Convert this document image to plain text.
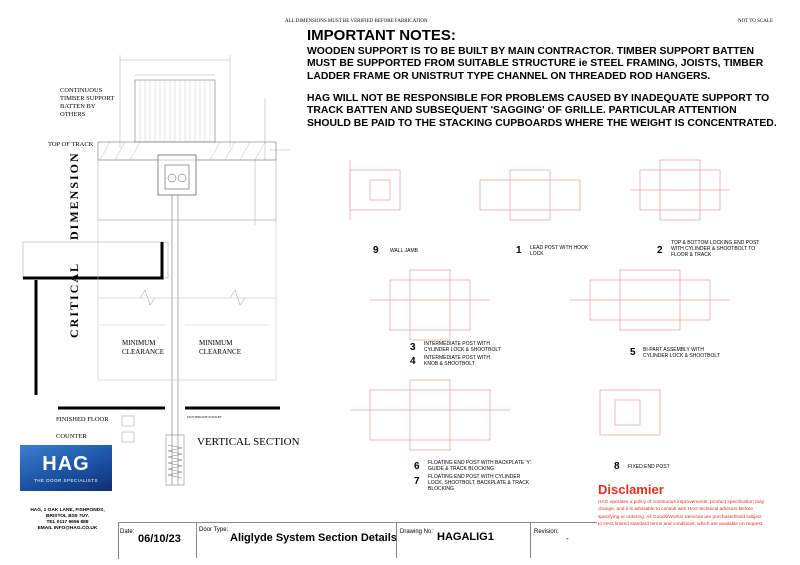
ALL DIMENSIONS MUST BE VERIFIED BEFORE FABRICATION	NOT TO SCALE
IMPORTANT NOTES:
WOODEN SUPPORT IS TO BE BUILT BY MAIN CONTRACTOR. TIMBER SUPPORT BATTEN MUST BE SUPPORTED FROM SUITABLE STRUCTURE ie STEEL FRAMING, JOISTS, TIMBER LADDER FRAME OR UNISTRUT TYPE CHANNEL ON THREADED ROD HANGERS.
HAG WILL NOT BE RESPONSIBLE FOR PROBLEMS CAUSED BY INADEQUATE SUPPORT TO TRACK BATTEN AND SUBSEQUENT 'SAGGING' OF GRILLE. PARTICULAR ATTENTION SHOULD BE PAID TO THE STACKING CUPBOARDS WHERE THE WEIGHT IS CONCENTRATED.
CONTINUOUS TIMBER SUPPORT BATTEN BY OTHERS
TOP OF TRACK
DIMENSION
CRITICAL
MINIMUM CLEARANCE
MINIMUM CLEARANCE
FINISHED FLOOR
COUNTER
DUSTPROOF SOCKET
VERTICAL SECTION
9 WALL JAMB	1 LEAD POST WITH HOOK LOCK	2
TOP & BOTTOM LOCKING END POST WITH CYLINDER & SHOOTBOLT TO FLOOR & TRACK
3 INTERMEDIATE POST WITH CYLINDER LOCK & SHOOTBOLT
4 INTERMEDIATE POST WITH KNOB & SHOOTBOLT
5 BI-PART ASSEMBLY WITH CYLINDER LOCK & SHOOTBOLT
6 FLOATING END POST WITH BACKPLATE 'Y' GUIDE & TRACK BLOCKING
7 FLOATING END POST WITH CYLINDER LOCK, SHOOTBOLT, BACKPLATE & TRACK BLOCKING
8 FIXED END POST
HAG
THE DOOR SPECIALISTS
HAG, 1 OAK LANE, FISHPONDS,
BRISTOL BS5 7UY.
TEL 0117 9656 888
EMAIL INFO@HAG.CO.UK
Date:
06/10/23
Door Type:
Aliglyde System Section Details Drawing No: HAGALIG1	Revision:
-
Disclamier
HAG operates a policy of continuous improvements, product specification may change, and it is advisable to consult with HAG technical advisors Before specifying or ordering. All Goods/Works/ Services are purchased/sold subject to HAG limited standard terms and conditions, which are available on request.
